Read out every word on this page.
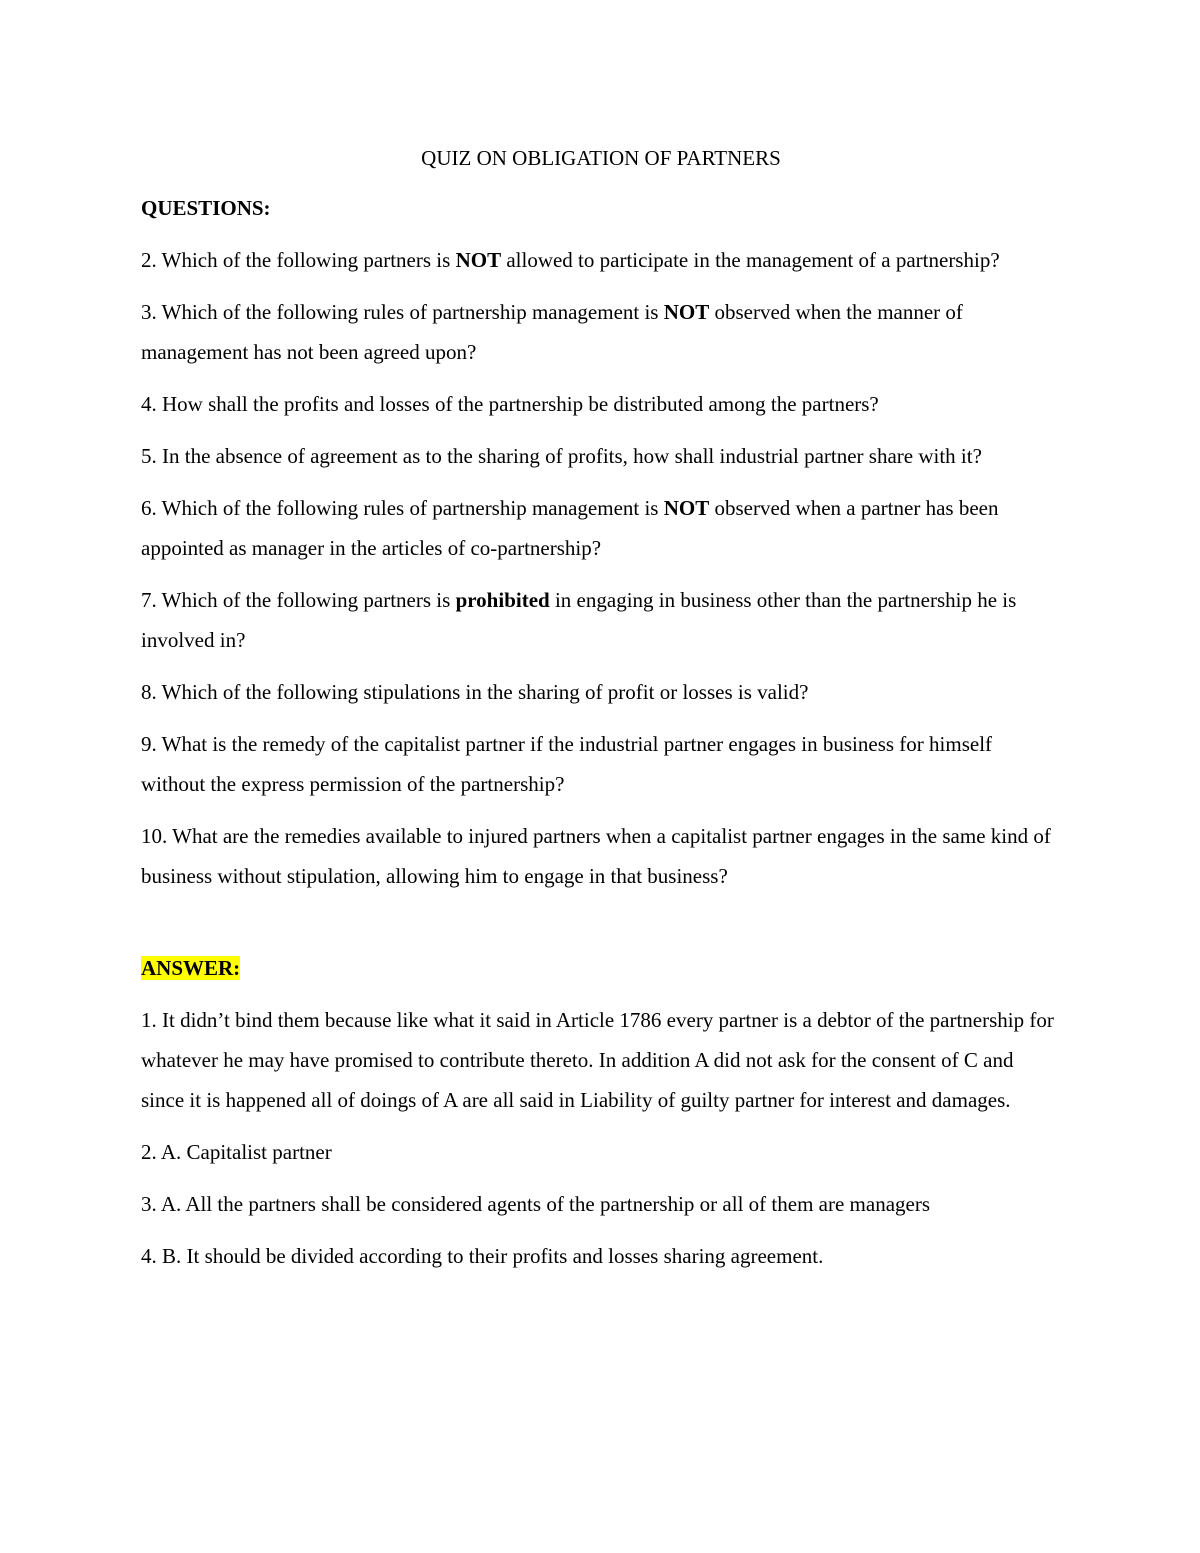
QUIZ ON OBLIGATION OF PARTNERS
QUESTIONS:
2. Which of the following partners is NOT allowed to participate in the management of a partnership?
3. Which of the following rules of partnership management is NOT observed when the manner of management has not been agreed upon?
4. How shall the profits and losses of the partnership be distributed among the partners?
5. In the absence of agreement as to the sharing of profits, how shall industrial partner share with it?
6. Which of the following rules of partnership management is NOT observed when a partner has been appointed as manager in the articles of co-partnership?
7. Which of the following partners is prohibited in engaging in business other than the partnership he is involved in?
8. Which of the following stipulations in the sharing of profit or losses is valid?
9. What is the remedy of the capitalist partner if the industrial partner engages in business for himself without the express permission of the partnership?
10. What are the remedies available to injured partners when a capitalist partner engages in the same kind of business without stipulation, allowing him to engage in that business?
ANSWER:
1. It didn’t bind them because like what it said in Article 1786 every partner is a debtor of the partnership for whatever he may have promised to contribute thereto. In addition A did not ask for the consent of C and since it is happened all of doings of A are all said in Liability of guilty partner for interest and damages.
2. A. Capitalist partner
3. A. All the partners shall be considered agents of the partnership or all of them are managers
4. B. It should be divided according to their profits and losses sharing agreement.
